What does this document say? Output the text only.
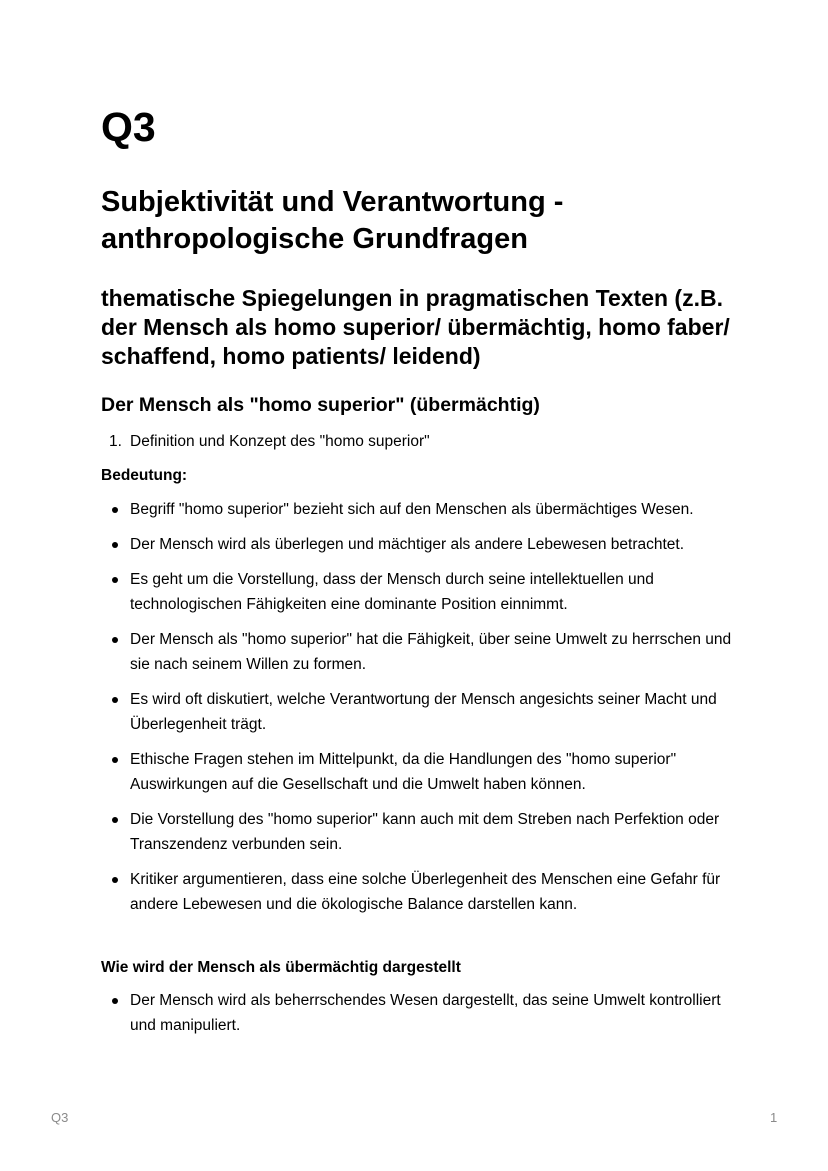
Q3
Subjektivität und Verantwortung - anthropologische Grundfragen
thematische Spiegelungen in pragmatischen Texten (z.B. der Mensch als homo superior/ übermächtig, homo faber/ schaffend, homo patients/ leidend)
Der Mensch als "homo superior" (übermächtig)
1. Definition und Konzept des "homo superior"

Bedeutung:

Begriff "homo superior" bezieht sich auf den Menschen als übermächtiges Wesen.
Der Mensch wird als überlegen und mächtiger als andere Lebewesen betrachtet.
Es geht um die Vorstellung, dass der Mensch durch seine intellektuellen und technologischen Fähigkeiten eine dominante Position einnimmt.
Der Mensch als "homo superior" hat die Fähigkeit, über seine Umwelt zu herrschen und sie nach seinem Willen zu formen.
Es wird oft diskutiert, welche Verantwortung der Mensch angesichts seiner Macht und Überlegenheit trägt.
Ethische Fragen stehen im Mittelpunkt, da die Handlungen des "homo superior" Auswirkungen auf die Gesellschaft und die Umwelt haben können.
Die Vorstellung des "homo superior" kann auch mit dem Streben nach Perfektion oder Transzendenz verbunden sein.
Kritiker argumentieren, dass eine solche Überlegenheit des Menschen eine Gefahr für andere Lebewesen und die ökologische Balance darstellen kann.

Wie wird der Mensch als übermächtig dargestellt

Der Mensch wird als beherrschendes Wesen dargestellt, das seine Umwelt kontrolliert und manipuliert.
Q3	1
